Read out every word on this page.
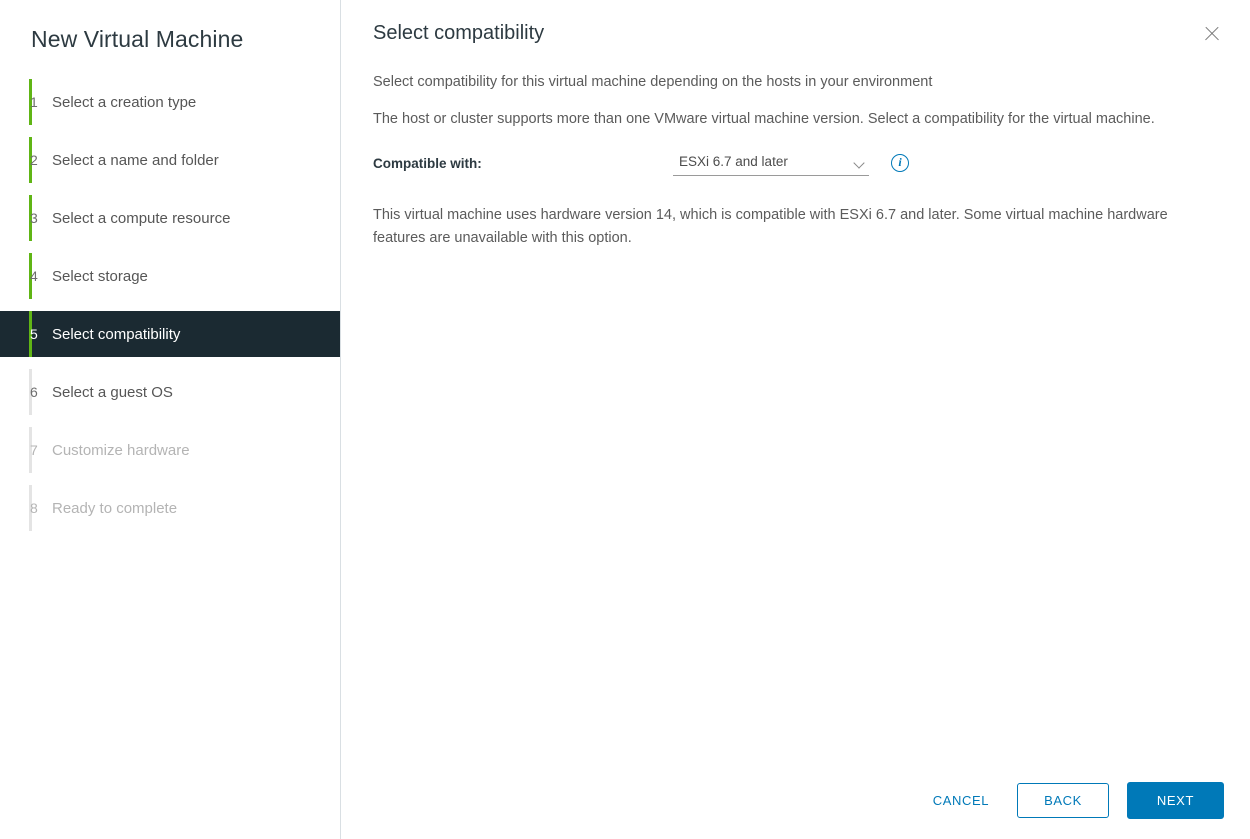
New Virtual Machine
1 Select a creation type
2 Select a name and folder
3 Select a compute resource
4 Select storage
5 Select compatibility
6 Select a guest OS
7 Customize hardware
8 Ready to complete
Select compatibility
Select compatibility for this virtual machine depending on the hosts in your environment
The host or cluster supports more than one VMware virtual machine version. Select a compatibility for the virtual machine.
Compatible with:
ESXi 6.7 and later	i
This virtual machine uses hardware version 14, which is compatible with ESXi 6.7 and later. Some virtual machine hardware features are unavailable with this option.
CANCEL	BACK	NEXT
